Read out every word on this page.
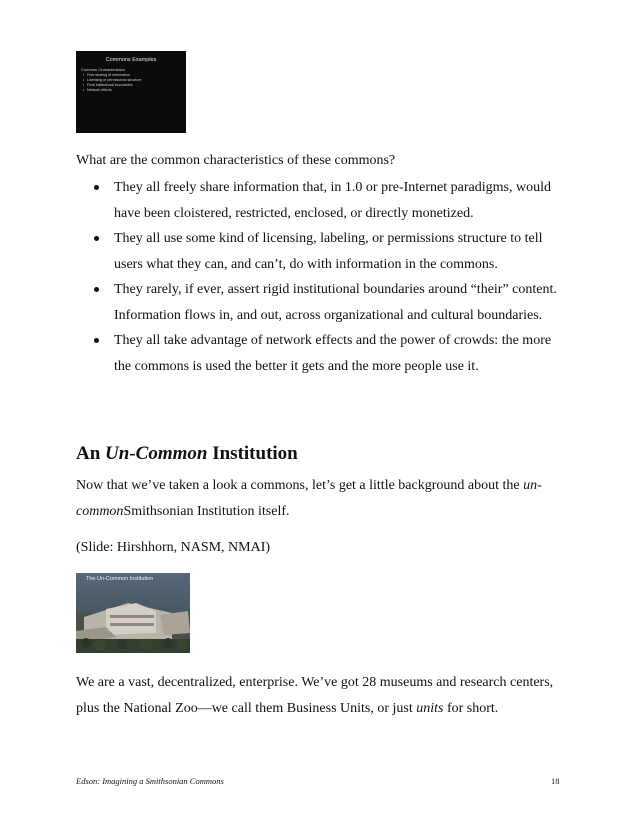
Commons Examples
Common Characteristics
• Free sharing of information
• Licensing or permissions structure
• Fluid institutional boundaries
• Network effects

What are the common characteristics of these commons?

They all freely share information that, in 1.0 or pre-Internet paradigms, would have been cloistered, restricted, enclosed, or directly monetized.
They all use some kind of licensing, labeling, or permissions structure to tell users what they can, and can’t, do with information in the commons.
They rarely, if ever, assert rigid institutional boundaries around “their” content. Information flows in, and out, across organizational and cultural boundaries.
They all take advantage of network effects and the power of crowds: the more the commons is used the better it gets and the more people use it.
An Un-Common Institution

Now that we’ve taken a look a commons, let’s get a little background about the un-commonSmithsonian Institution itself.

(Slide: Hirshhorn, NASM, NMAI)

The Un-Common Institution

We are a vast, decentralized, enterprise. We’ve got 28 museums and research centers, plus the National Zoo—we call them Business Units, or just units for short.

Edson: Imagining a Smithsonian Commons	18
